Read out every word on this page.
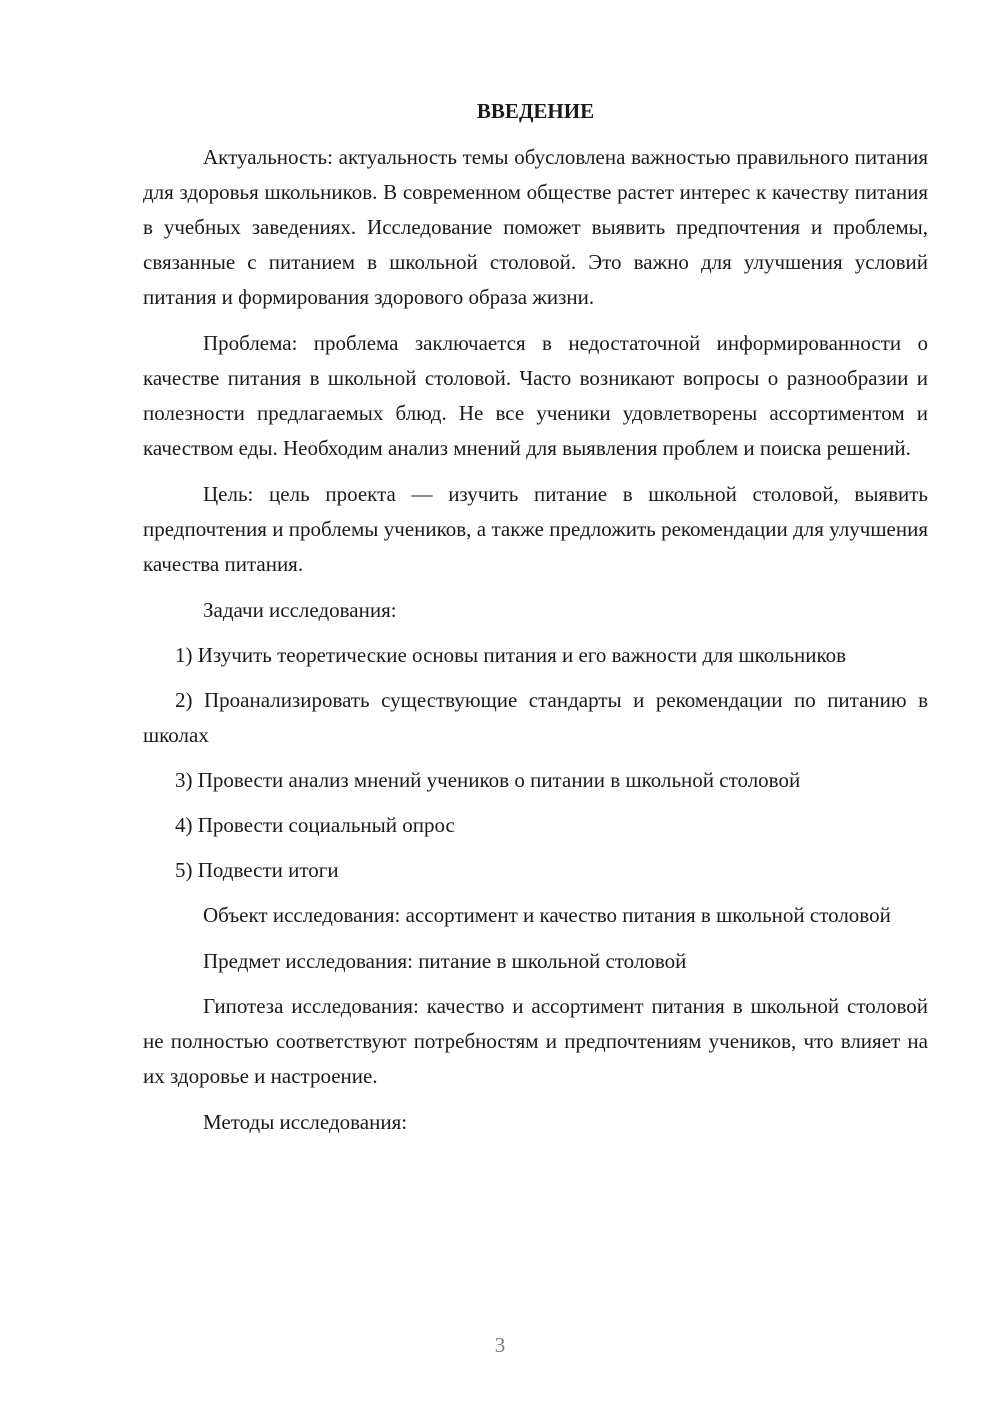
ВВЕДЕНИЕ

Актуальность: актуальность темы обусловлена важностью правильного питания для здоровья школьников. В современном обществе растет интерес к качеству питания в учебных заведениях. Исследование поможет выявить предпочтения и проблемы, связанные с питанием в школьной столовой. Это важно для улучшения условий питания и формирования здорового образа жизни.

Проблема: проблема заключается в недостаточной информированности о качестве питания в школьной столовой. Часто возникают вопросы о разнообразии и полезности предлагаемых блюд. Не все ученики удовлетворены ассортиментом и качеством еды. Необходим анализ мнений для выявления проблем и поиска решений.

Цель: цель проекта — изучить питание в школьной столовой, выявить предпочтения и проблемы учеников, а также предложить рекомендации для улучшения качества питания.

Задачи исследования:

1) Изучить теоретические основы питания и его важности для школьников

2) Проанализировать существующие стандарты и рекомендации по питанию в школах

3) Провести анализ мнений учеников о питании в школьной столовой

4) Провести социальный опрос

5) Подвести итоги

Объект исследования: ассортимент и качество питания в школьной столовой

Предмет исследования: питание в школьной столовой

Гипотеза исследования: качество и ассортимент питания в школьной столовой не полностью соответствуют потребностям и предпочтениям учеников, что влияет на их здоровье и настроение.

Методы исследования:

3
